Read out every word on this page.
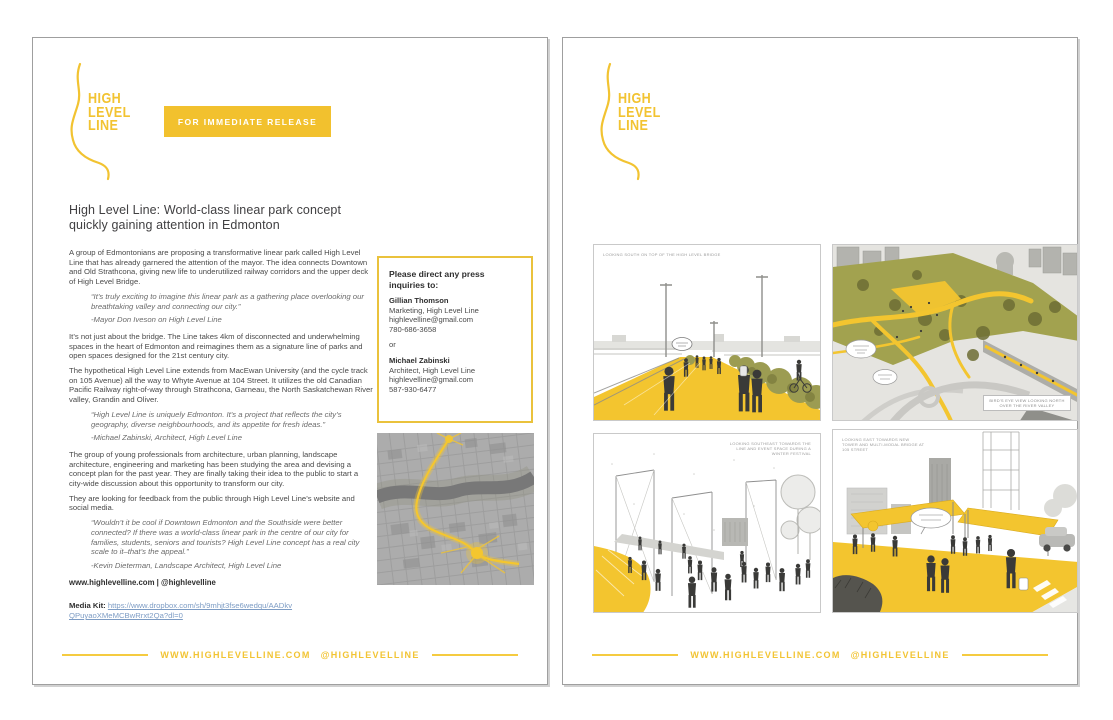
HIGH
LEVEL
LINE	FOR IMMEDIATE RELEASE
High Level Line: World-class linear park concept
quickly gaining attention in Edmonton

A group of Edmontonians are proposing a transformative linear park called High Level Line that has already garnered the attention of the mayor. The idea connects Downtown and Old Strathcona, giving new life to underutilized railway corridors and the upper deck of High Level Bridge.

“It’s truly exciting to imagine this linear park as a gathering place overlooking our breathtaking valley and connecting our city.”

-Mayor Don Iveson on High Level Line

It’s not just about the bridge. The Line takes 4km of disconnected and underwhelming spaces in the heart of Edmonton and reimagines them as a signature line of parks and open spaces designed for the 21st century city.

The hypothetical High Level Line extends from MacEwan University (and the cycle track on 105 Avenue) all the way to Whyte Avenue at 104 Street. It utilizes the old Canadian Pacific Railway right-of-way through Strathcona, Garneau, the North Saskatchewan River valley, Grandin and Oliver.

“High Level Line is uniquely Edmonton. It’s a project that reflects the city’s geography, diverse neighbourhoods, and its appetite for fresh ideas.”

-Michael Zabinski, Architect, High Level Line

The group of young professionals from architecture, urban planning, landscape architecture, engineering and marketing has been studying the area and devising a concept plan for the past year. They are finally taking their idea to the public to start a city-wide discussion about this opportunity to transform our city.

They are looking for feedback from the public through High Level Line’s website and social media.

“Wouldn’t it be cool if Downtown Edmonton and the Southside were better connected? If there was a world-class linear park in the centre of our city for families, students, seniors and tourists? High Level Line concept has a real city scale to it–that’s the appeal.”

-Kevin Dieterman, Landscape Architect, High Level Line

www.highlevelline.com | @highlevelline

Media Kit: https://www.dropbox.com/sh/9mhjt3fse6wedqu/AADkvQPuyaoXMeMCBwRrxt2Qa?dl=0

Please direct any press inquiries to:

Gillian Thomson

Marketing, High Level Line

highlevelline@gmail.com

780-686-3658

or

Michael Zabinski

Architect, High Level Line

highlevelline@gmail.com

587-930-6477

WWW.HIGHLEVELLINE.COM @HIGHLEVELLINE
HIGH
LEVEL
LINE
LOOKING SOUTH ON TOP OF THE HIGH LEVEL BRIDGE
BIRD'S EYE VIEW LOOKING NORTH OVER THE RIVER VALLEY
LOOKING SOUTHEAST TOWARDS THE LINE AND EVENT SPACE DURING A WINTER FESTIVAL
LOOKING EAST TOWARDS NEW TOWER AND MULTI-MODAL BRIDGE AT 105 STREET
WWW.HIGHLEVELLINE.COM @HIGHLEVELLINE
